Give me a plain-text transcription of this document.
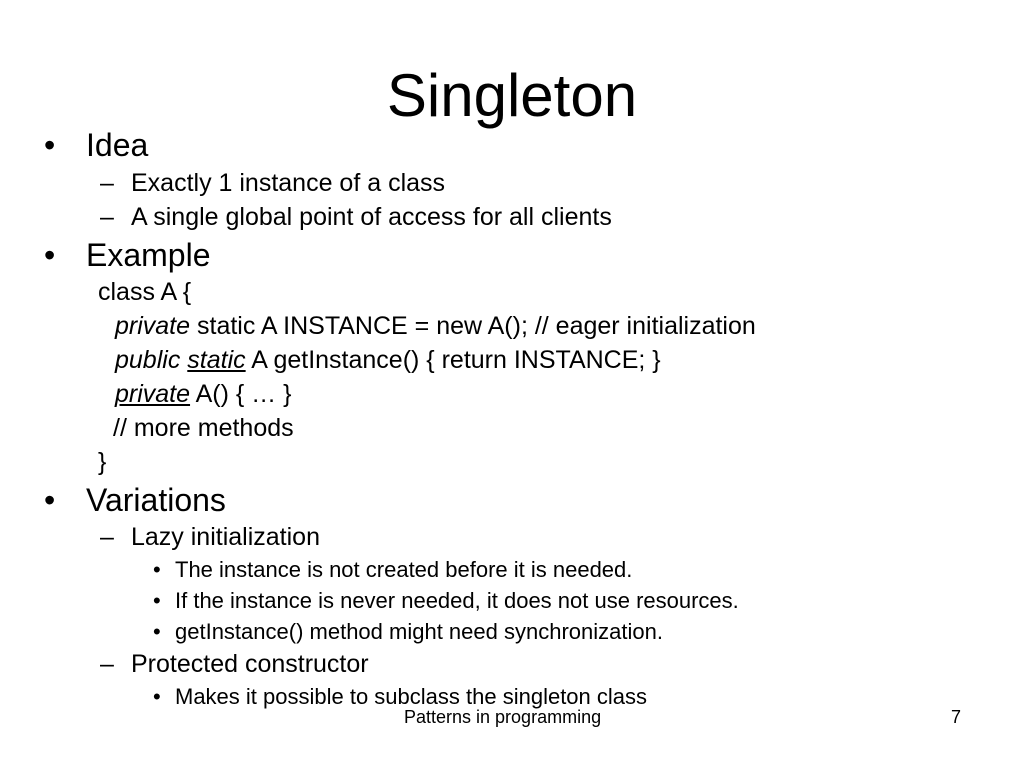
Singleton
• Idea
– Exactly 1 instance of a class
– A single global point of access for all clients
• Example
class A {
private static A INSTANCE = new A(); // eager initialization
public static A getInstance() { return INSTANCE; }
private A() { … }
// more methods
}
• Variations
– Lazy initialization
• The instance is not created before it is needed.
• If the instance is never needed, it does not use resources.
• getInstance() method might need synchronization.
– Protected constructor
• Makes it possible to subclass the singleton class
Patterns in programming	7
